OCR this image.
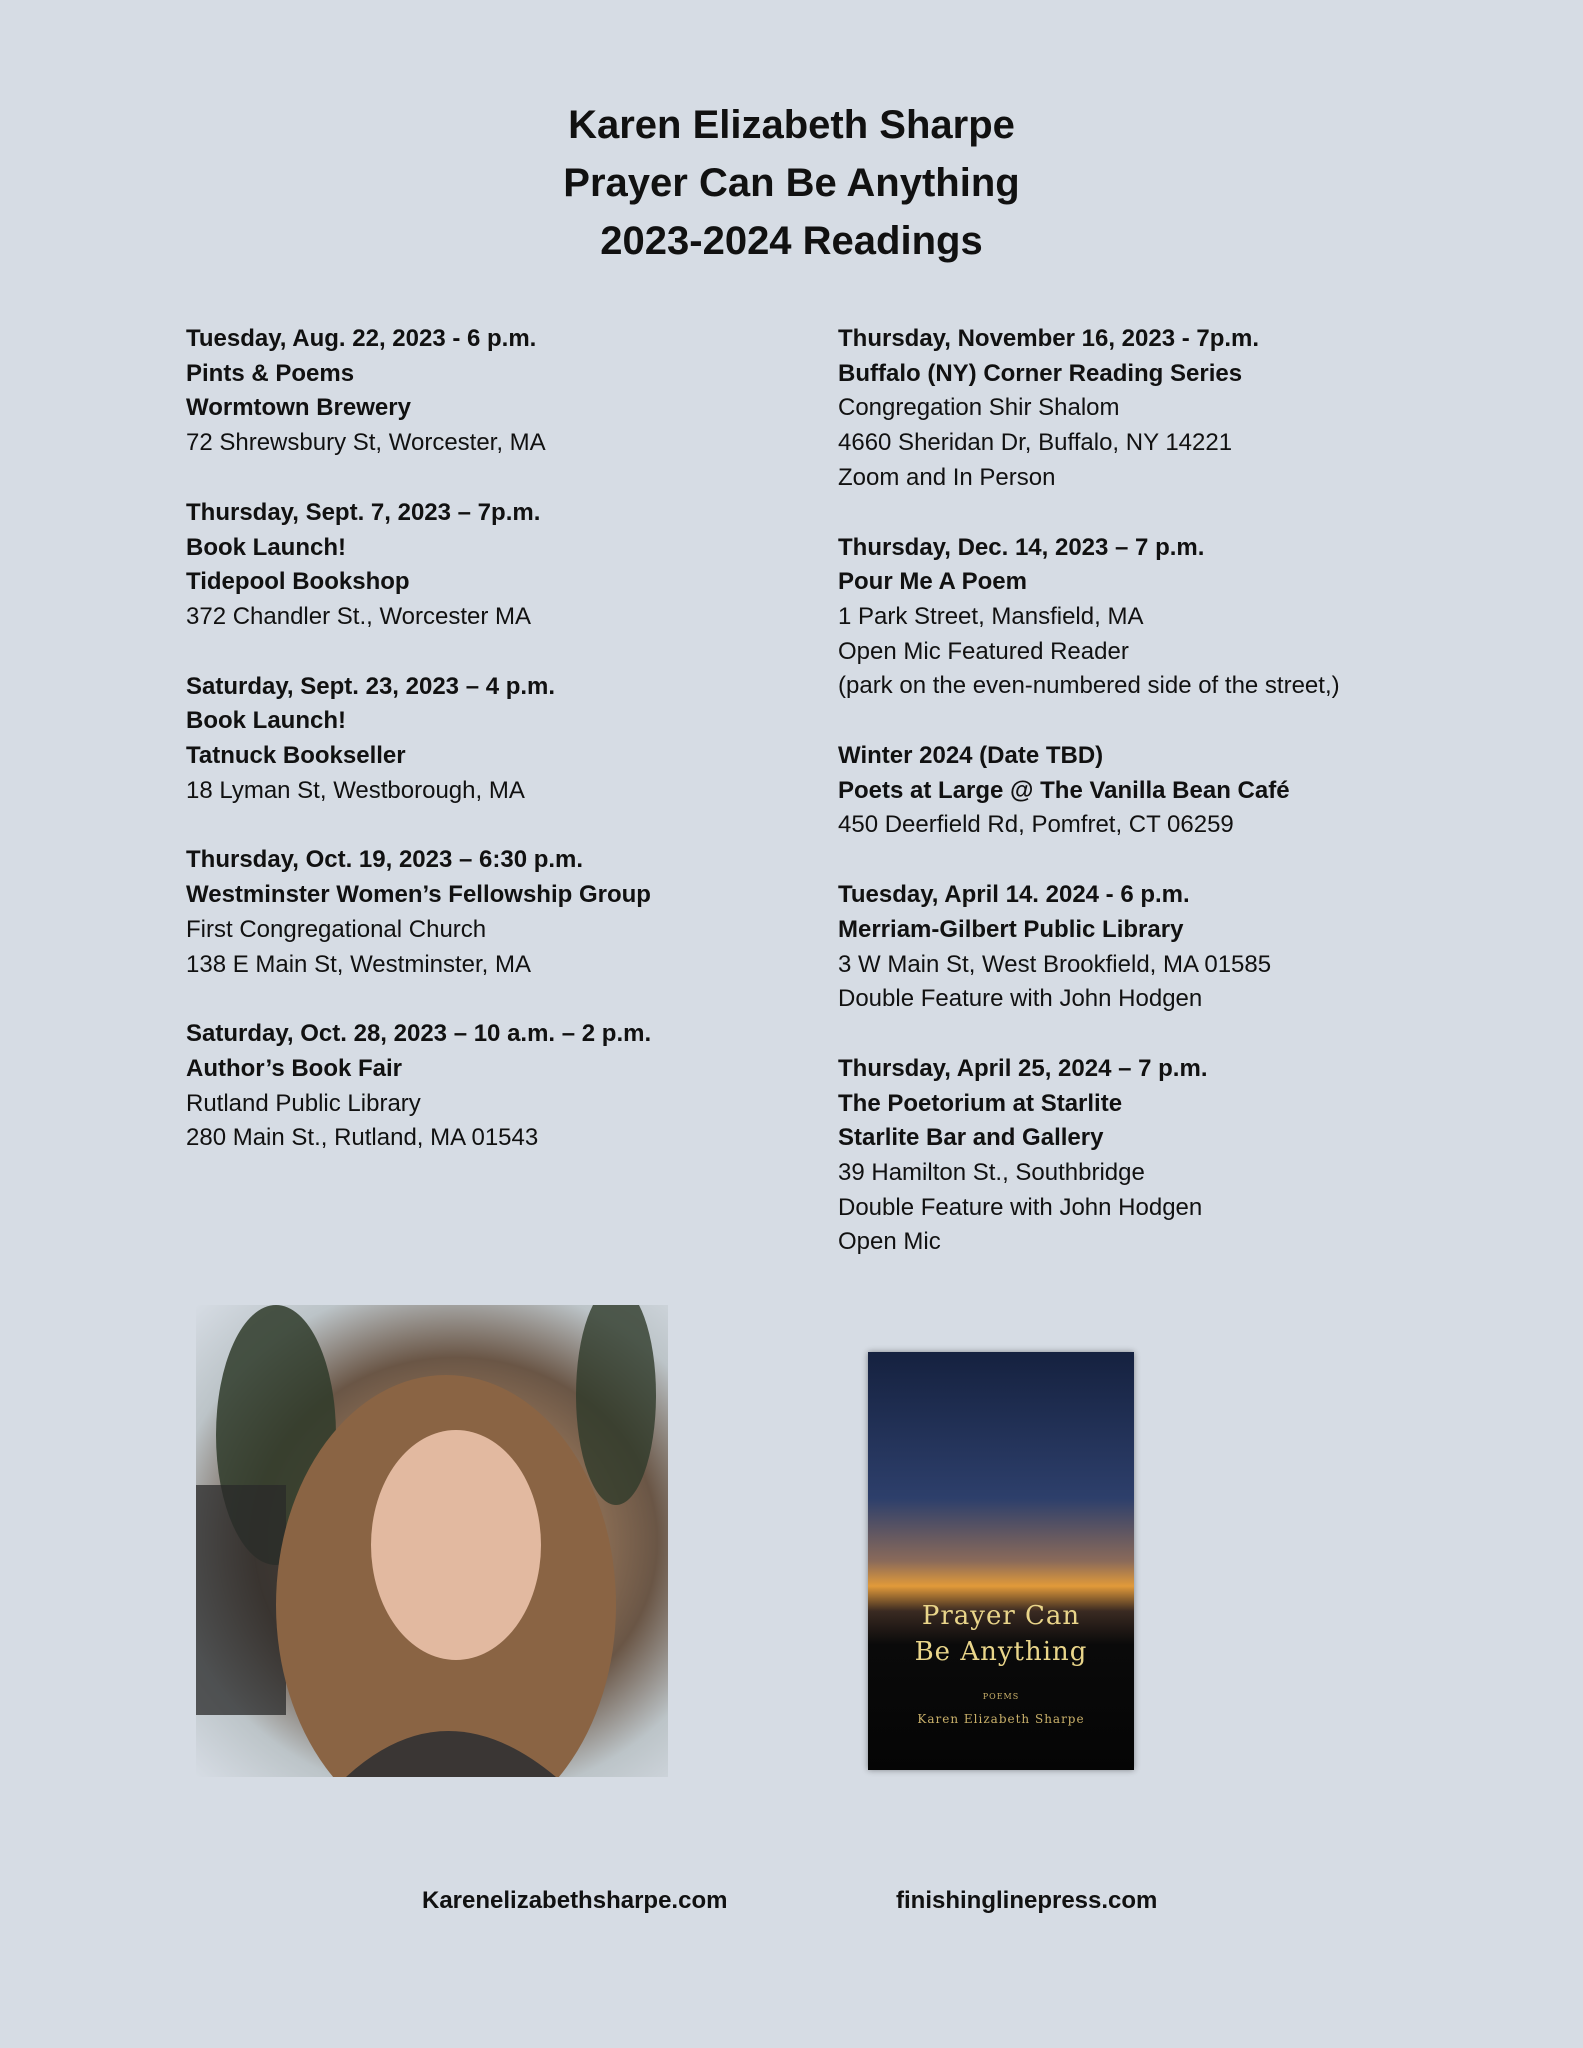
Karen Elizabeth Sharpe
Prayer Can Be Anything
2023-2024 Readings
Tuesday, Aug. 22, 2023 - 6 p.m.
Pints & Poems
Wormtown Brewery
72 Shrewsbury St, Worcester, MA
Thursday, Sept. 7, 2023 – 7p.m.
Book Launch!
Tidepool Bookshop
372 Chandler St., Worcester MA
Saturday, Sept. 23, 2023 – 4 p.m.
Book Launch!
Tatnuck Bookseller
18 Lyman St, Westborough, MA
Thursday, Oct. 19, 2023 – 6:30 p.m.
Westminster Women’s Fellowship Group
First Congregational Church
138 E Main St, Westminster, MA
Saturday, Oct. 28, 2023 – 10 a.m. – 2 p.m.
Author’s Book Fair
Rutland Public Library
280 Main St., Rutland, MA 01543
Thursday, November 16, 2023 - 7p.m.
Buffalo (NY) Corner Reading Series
Congregation Shir Shalom
4660 Sheridan Dr, Buffalo, NY 14221
Zoom and In Person
Thursday, Dec. 14, 2023 – 7 p.m.
Pour Me A Poem
1 Park Street, Mansfield, MA
Open Mic Featured Reader
(park on the even-numbered side of the street,)
Winter 2024 (Date TBD)
Poets at Large @ The Vanilla Bean Café
450 Deerfield Rd, Pomfret, CT 06259
Tuesday, April 14. 2024 - 6 p.m.
Merriam-Gilbert Public Library
3 W Main St, West Brookfield, MA 01585
Double Feature with John Hodgen
Thursday, April 25, 2024 – 7 p.m.
The Poetorium at Starlite
Starlite Bar and Gallery
39 Hamilton St., Southbridge
Double Feature with John Hodgen
Open Mic
Prayer Can
Be Anything
POEMS
Karen Elizabeth Sharpe
Karenelizabethsharpe.com	finishinglinepress.com
